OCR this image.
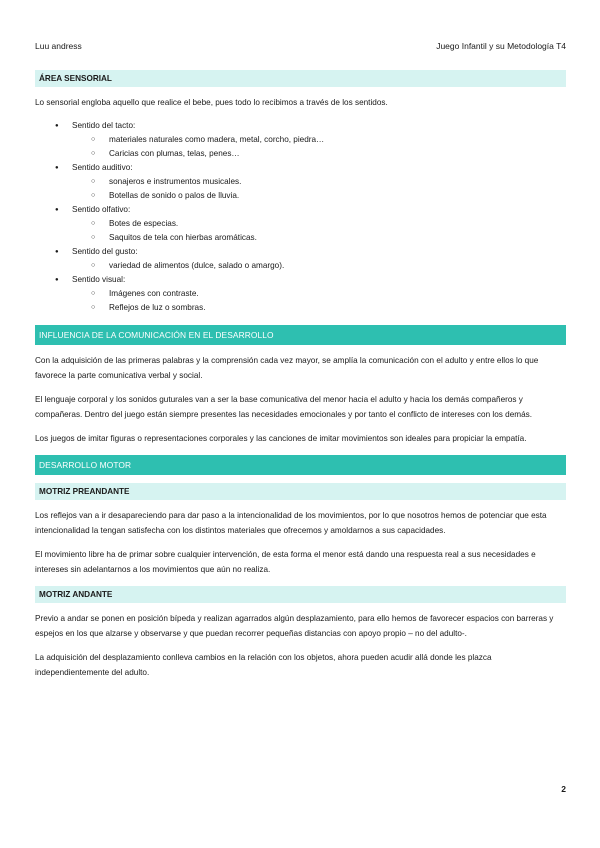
Luu andress	Juego Infantil y su Metodología T4
ÁREA SENSORIAL

Lo sensorial engloba aquello que realice el bebe, pues todo lo recibimos a través de los sentidos.

● Sentido del tacto:
○ materiales naturales como madera, metal, corcho, piedra…
○ Caricias con plumas, telas, penes…
● Sentido auditivo:
○ sonajeros e instrumentos musicales.
○ Botellas de sonido o palos de lluvia.
● Sentido olfativo:
○ Botes de especias.
○ Saquitos de tela con hierbas aromáticas.
● Sentido del gusto:
○ variedad de alimentos (dulce, salado o amargo).
● Sentido visual:
○ Imágenes con contraste.
○ Reflejos de luz o sombras.
INFLUENCIA DE LA COMUNICACIÓN EN EL DESARROLLO

Con la adquisición de las primeras palabras y la comprensión cada vez mayor, se amplía la comunicación con el adulto y entre ellos lo que favorece la parte comunicativa verbal y social.

El lenguaje corporal y los sonidos guturales van a ser la base comunicativa del menor hacia el adulto y hacia los demás compañeros y compañeras. Dentro del juego están siempre presentes las necesidades emocionales y por tanto el conflicto de intereses con los demás.

Los juegos de imitar figuras o representaciones corporales y las canciones de imitar movimientos son ideales para propiciar la empatía.

DESARROLLO MOTOR
MOTRIZ PREANDANTE

Los reflejos van a ir desapareciendo para dar paso a la intencionalidad de los movimientos, por lo que nosotros hemos de potenciar que esta intencionalidad la tengan satisfecha con los distintos materiales que ofrecemos y amoldarnos a sus capacidades.

El movimiento libre ha de primar sobre cualquier intervención, de esta forma el menor está dando una respuesta real a sus necesidades e intereses sin adelantarnos a los movimientos que aún no realiza.

MOTRIZ ANDANTE

Previo a andar se ponen en posición bípeda y realizan agarrados algún desplazamiento, para ello hemos de favorecer espacios con barreras y espejos en los que alzarse y observarse y que puedan recorrer pequeñas distancias con apoyo propio – no del adulto-.

La adquisición del desplazamiento conlleva cambios en la relación con los objetos, ahora pueden acudir allá donde les plazca independientemente del adulto.

2
